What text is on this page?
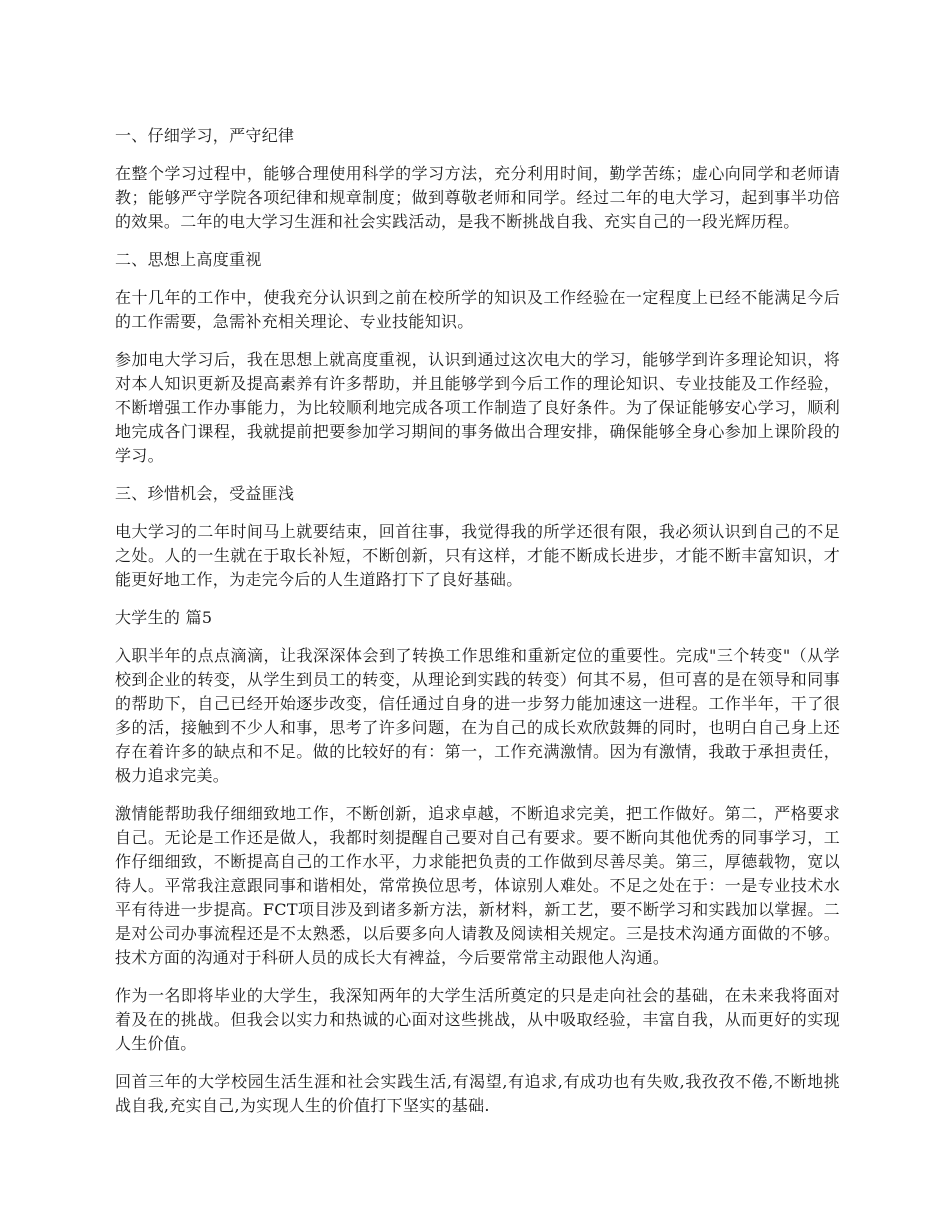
一、仔细学习，严守纪律
在整个学习过程中，能够合理使用科学的学习方法，充分利用时间，勤学苦练；虚心向同学和老师请教；能够严守学院各项纪律和规章制度；做到尊敬老师和同学。经过二年的电大学习，起到事半功倍的效果。二年的电大学习生涯和社会实践活动，是我不断挑战自我、充实自己的一段光辉历程。
二、思想上高度重视
在十几年的工作中，使我充分认识到之前在校所学的知识及工作经验在一定程度上已经不能满足今后的工作需要，急需补充相关理论、专业技能知识。
参加电大学习后，我在思想上就高度重视，认识到通过这次电大的学习，能够学到许多理论知识，将对本人知识更新及提高素养有许多帮助，并且能够学到今后工作的理论知识、专业技能及工作经验，不断增强工作办事能力，为比较顺利地完成各项工作制造了良好条件。为了保证能够安心学习，顺利地完成各门课程，我就提前把要参加学习期间的事务做出合理安排，确保能够全身心参加上课阶段的学习。
三、珍惜机会，受益匪浅
电大学习的二年时间马上就要结束，回首往事，我觉得我的所学还很有限，我必须认识到自己的不足之处。人的一生就在于取长补短，不断创新，只有这样，才能不断成长进步，才能不断丰富知识，才能更好地工作，为走完今后的人生道路打下了良好基础。
大学生的 篇5
入职半年的点点滴滴，让我深深体会到了转换工作思维和重新定位的重要性。完成"三个转变"（从学校到企业的转变，从学生到员工的转变，从理论到实践的转变）何其不易，但可喜的是在领导和同事的帮助下，自己已经开始逐步改变，信任通过自身的进一步努力能加速这一进程。工作半年，干了很多的活，接触到不少人和事，思考了许多问题，在为自己的成长欢欣鼓舞的同时，也明白自己身上还存在着许多的缺点和不足。做的比较好的有：第一，工作充满激情。因为有激情，我敢于承担责任，极力追求完美。
激情能帮助我仔细细致地工作，不断创新，追求卓越，不断追求完美，把工作做好。第二，严格要求自己。无论是工作还是做人，我都时刻提醒自己要对自己有要求。要不断向其他优秀的同事学习，工作仔细细致，不断提高自己的工作水平，力求能把负责的工作做到尽善尽美。第三，厚德载物，宽以待人。平常我注意跟同事和谐相处，常常换位思考，体谅别人难处。不足之处在于：一是专业技术水平有待进一步提高。FCT项目涉及到诸多新方法，新材料，新工艺，要不断学习和实践加以掌握。二是对公司办事流程还是不太熟悉，以后要多向人请教及阅读相关规定。三是技术沟通方面做的不够。技术方面的沟通对于科研人员的成长大有裨益，今后要常常主动跟他人沟通。
作为一名即将毕业的大学生，我深知两年的大学生活所奠定的只是走向社会的基础，在未来我将面对着及在的挑战。但我会以实力和热诚的心面对这些挑战，从中吸取经验，丰富自我，从而更好的实现人生价值。
回首三年的大学校园生活生涯和社会实践生活,有渴望,有追求,有成功也有失败,我孜孜不倦,不断地挑战自我,充实自己,为实现人生的价值打下坚实的基础.
